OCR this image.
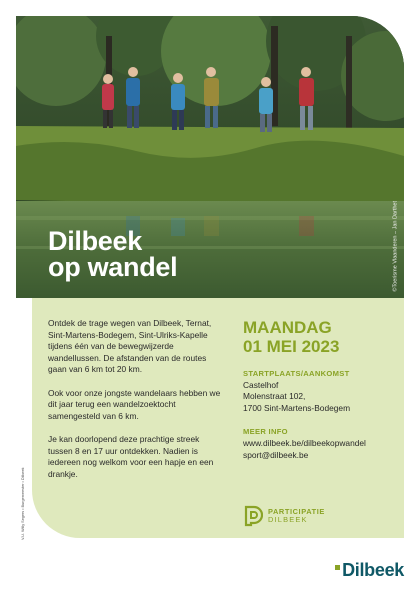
©Toerisme Vlaanderen – Jan Darthet
Dilbeek
op wandel

Ontdek de trage wegen van Dilbeek, Ternat, Sint-Martens-Bodegem, Sint-Ulriks-Kapelle tijdens één van de bewegwijzerde wandellussen. De afstanden van de routes gaan van 6 km tot 20 km.

Ook voor onze jongste wandelaars hebben we dit jaar terug een wandelzoektocht samengesteld van 6 km.

Je kan doorlopend deze prachtige streek tussen 8 en 17 uur ontdekken. Nadien is iedereen nog welkom voor een hapje en een drankje.

MAANDAG
01 MEI 2023
STARTPLAATS/AANKOMST
Castelhof
Molenstraat 102,
1700 Sint-Martens-Bodegem
MEER INFO
www.dilbeek.be/dilbeekopwandel
sport@dilbeek.be
PARTICIPATIE
DILBEEK
V.U. Willy Segers • Burgemeester • Dilbeek
Dilbeek
